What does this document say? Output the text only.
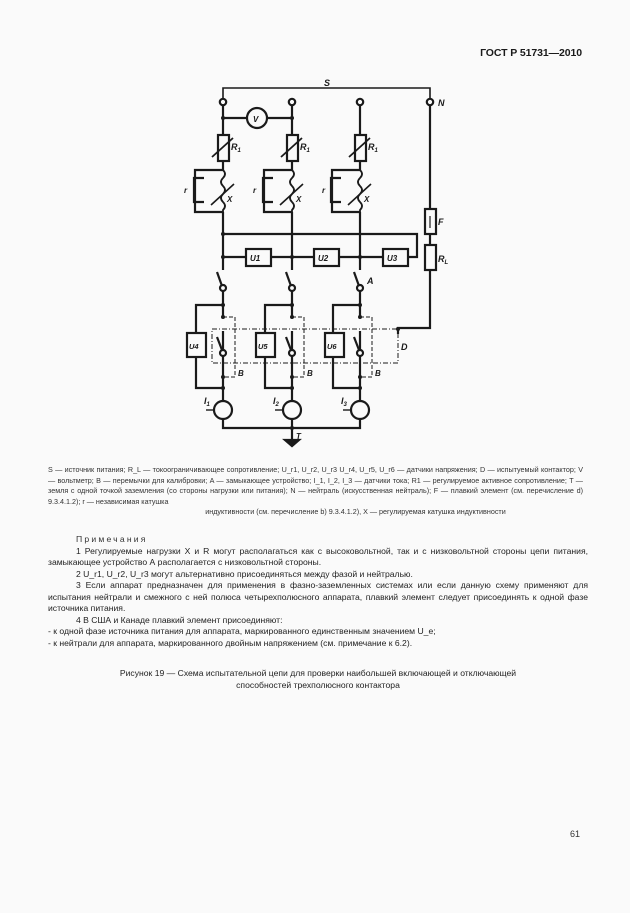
ГОСТ Р 51731—2010
S
N
V
$R_1$	$R_1$	$R_1$
r	r	r
X	X	X
F
$R_L$
U1	U2	U3
U4	U5	U6
A
B	B	B
D
$I_1$	$I_2$	$I_3$
T
S — источник питания; R_L — токоограничивающее сопротивление; U_r1, U_r2, U_r3 U_r4, U_r5, U_r6 — датчики напряжения; D — испытуемый контактор; V — вольтметр; B — перемычки для калибровки; A — замыкающее устройство; I_1, I_2, I_3 — датчики тока; R1 — регулируемое активное сопротивление; T — земля с одной точкой заземления (со стороны нагрузки или питания); N — нейтраль (искусственная нейтраль); F — плавкий элемент (см. перечисление d) 9.3.4.1.2); r — независимая катушка
индуктивности (см. перечисление b) 9.3.4.1.2), X — регулируемая катушка индуктивности
Примечания
1 Регулируемые нагрузки X и R могут располагаться как с высоковольтной, так и с низковольтной стороны цепи питания, замыкающее устройство А располагается с низковольтной стороны.
2 U_r1, U_r2, U_r3 могут альтернативно присоединяться между фазой и нейтралью.
3 Если аппарат предназначен для применения в фазно-заземленных системах или если данную схему применяют для испытания нейтрали и смежного с ней полюса четырехполюсного аппарата, плавкий элемент следует присоединять к одной фазе источника питания.
4 В США и Канаде плавкий элемент присоединяют:
- к одной фазе источника питания для аппарата, маркированного единственным значением U_e;
- к нейтрали для аппарата, маркированного двойным напряжением (см. примечание к 6.2).
Рисунок 19 — Схема испытательной цепи для проверки наибольшей включающей и отключающей
способностей трехполюсного контактора
61
